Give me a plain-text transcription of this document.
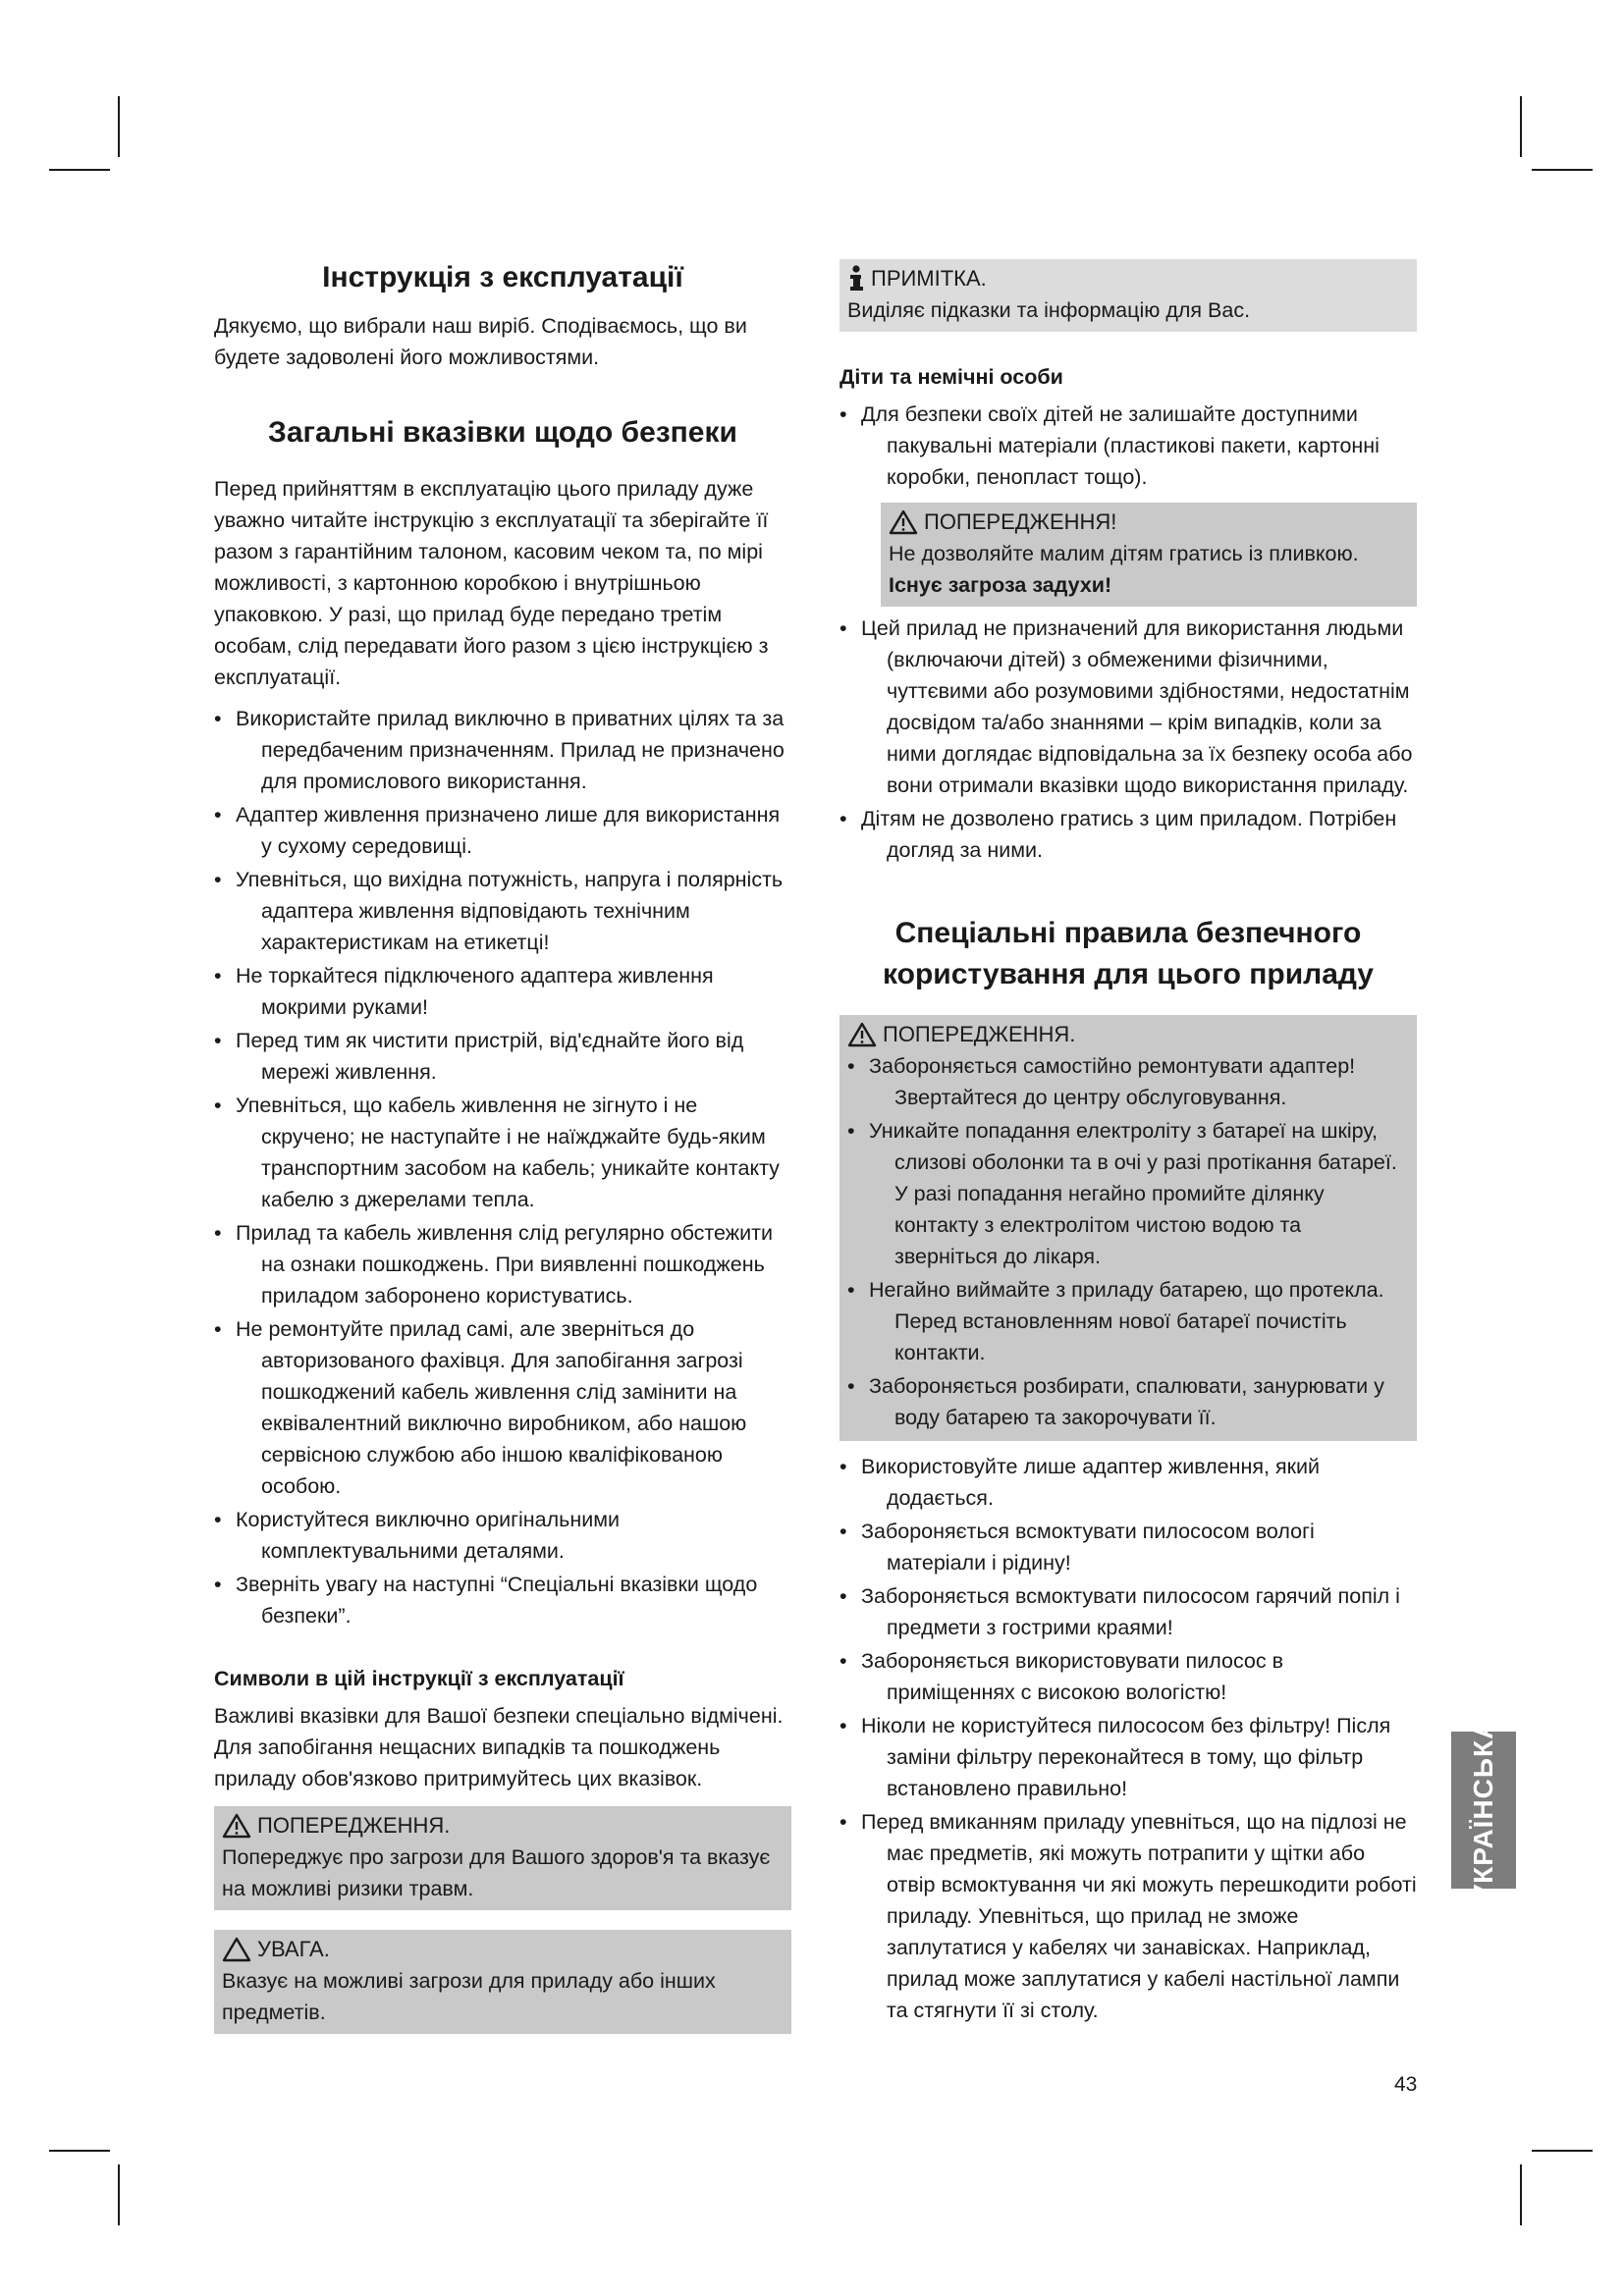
Інструкція з експлуатації

Дякуємо, що вибрали наш виріб. Сподіваємось, що ви будете задоволені його можливостями.

Загальні вказівки щодо безпеки

Перед прийняттям в експлуатацію цього приладу дуже уважно читайте інструкцію з експлуатації та зберігайте її разом з гарантійним талоном, касовим чеком та, по мірі можливості, з картонною коробкою і внутрішньою упаковкою. У разі, що прилад буде передано третім особам, слід передавати його разом з цією інструкцією з експлуатації.

• Використайте прилад виключно в приватних цілях та за передбаченим призначенням. Прилад не призначено для промислового використання.
• Адаптер живлення призначено лише для використання у сухому середовищі.
• Упевніться, що вихідна потужність, напруга і полярність адаптера живлення відповідають технічним характеристикам на етикетці!
• Не торкайтеся підключеного адаптера живлення мокрими руками!
• Перед тим як чистити пристрій, від'єднайте його від мережі живлення.
• Упевніться, що кабель живлення не зігнуто і не скручено; не наступайте і не наїжджайте будь-яким транспортним засобом на кабель; уникайте контакту кабелю з джерелами тепла.
• Прилад та кабель живлення слід регулярно обстежити на ознаки пошкоджень. При виявленні пошкоджень приладом заборонено користуватись.
• Не ремонтуйте прилад самі, але зверніться до авторизованого фахівця. Для запобігання загрозі пошкоджений кабель живлення слід замінити на еквівалентний виключно виробником, або нашою сервісною службою або іншою кваліфікованою особою.
• Користуйтеся виключно оригінальними комплектувальними деталями.
• Зверніть увагу на наступні “Спеціальні вказівки щодо безпеки”.
Символи в цій інструкції з експлуатації

Важливі вказівки для Вашої безпеки спеціально відмічені. Для запобігання нещасних випадків та пошкоджень приладу обов'язково притримуйтесь цих вказівок.

ПОПЕРЕДЖЕННЯ.

Попереджує про загрози для Вашого здоров'я та вказує на можливі ризики травм.

УВАГА.

Вказує на можливі загрози для приладу або інших предметів.

ПРИМІТКА.

Виділяє підказки та інформацію для Вас.

Діти та немічні особи
• Для безпеки своїх дітей не залишайте доступними пакувальні матеріали (пластикові пакети, картонні коробки, пенопласт тощо).
ПОПЕРЕДЖЕННЯ!

Не дозволяйте малим дітям гратись із пливкою. Існує загроза задухи!

• Цей прилад не призначений для використання людьми (включаючи дітей) з обмеженими фізичними, чуттєвими або розумовими здібностями, недостатнім досвідом та/або знаннями – крім випадків, коли за ними доглядає відповідальна за їх безпеку особа або вони отримали вказівки щодо використання приладу.
• Дітям не дозволено гратись з цим приладом. Потрібен догляд за ними.
Спеціальні правила безпечного
користування для цього приладу
ПОПЕРЕДЖЕННЯ.
• Забороняється самостійно ремонтувати адаптер! Звертайтеся до центру обслуговування.
• Уникайте попадання електроліту з батареї на шкіру, слизові оболонки та в очі у разі протікання батареї. У разі попадання негайно промийте ділянку контакту з електролітом чистою водою та зверніться до лікаря.
• Негайно виймайте з приладу батарею, що протекла. Перед встановленням нової батареї почистіть контакти.
• Забороняється розбирати, спалювати, занурювати у воду батарею та закорочувати її.
• Використовуйте лише адаптер живлення, який додається.
• Забороняється всмоктувати пилососом вологі матеріали і рідину!
• Забороняється всмоктувати пилососом гарячий попіл і предмети з гострими краями!
• Забороняється використовувати пилосос в приміщеннях с високою вологістю!
• Ніколи не користуйтеся пилососом без фільтру! Після заміни фільтру переконайтеся в тому, що фільтр встановлено правильно!
• Перед вмиканням приладу упевніться, що на підлозі не має предметів, які можуть потрапити у щітки або отвір всмоктування чи які можуть перешкодити роботі приладу. Упевніться, що прилад не зможе заплутатися у кабелях чи занавісках. Наприклад, прилад може заплутатися у кабелі настільної лампи та стягнути її зі столу.
УКРАЇНСЬКА
43
